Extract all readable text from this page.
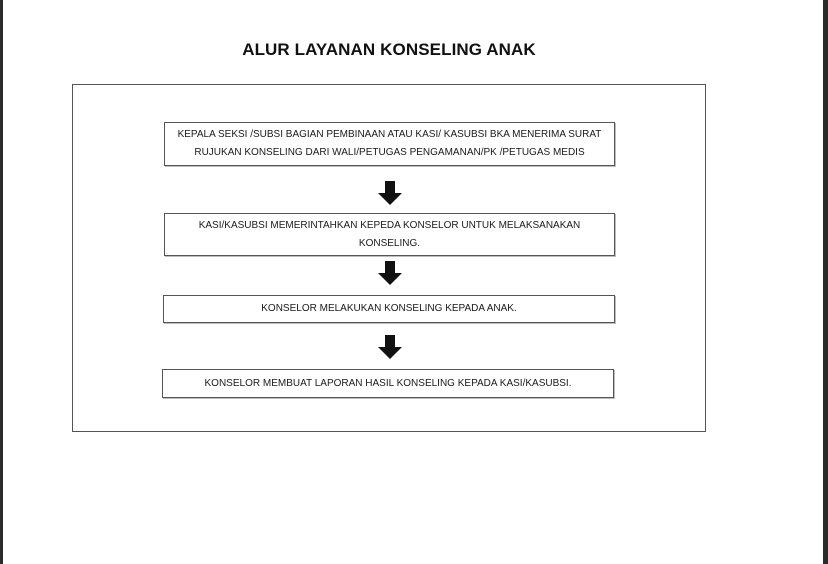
ALUR LAYANAN KONSELING ANAK
KEPALA SEKSI /SUBSI BAGIAN PEMBINAAN ATAU KASI/ KASUBSI BKA MENERIMA SURAT RUJUKAN KONSELING DARI WALI/PETUGAS PENGAMANAN/PK /PETUGAS MEDIS
KASI/KASUBSI MEMERINTAHKAN KEPEDA KONSELOR UNTUK MELAKSANAKAN KONSELING.
KONSELOR MELAKUKAN KONSELING KEPADA ANAK.
KONSELOR MEMBUAT LAPORAN HASIL KONSELING KEPADA KASI/KASUBSI.
